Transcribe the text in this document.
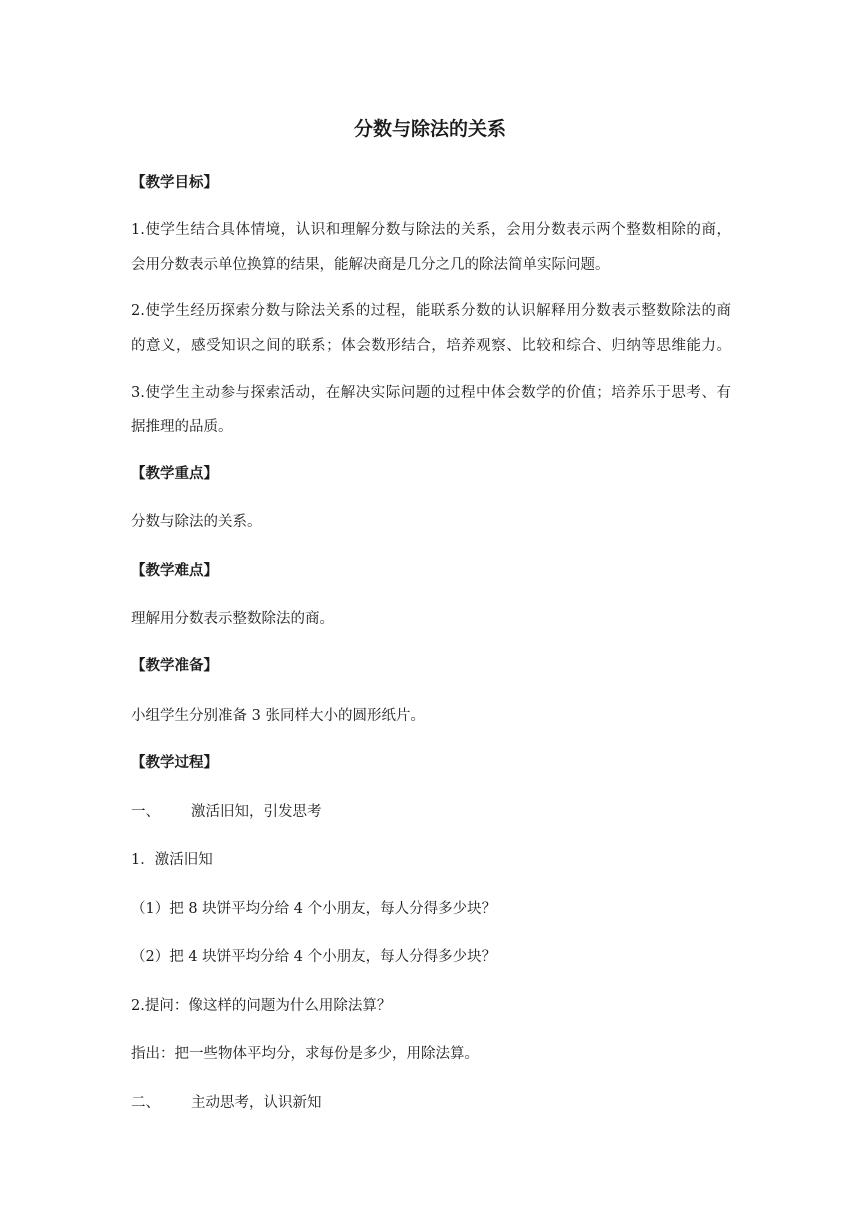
分数与除法的关系

【教学目标】

1.使学生结合具体情境，认识和理解分数与除法的关系，会用分数表示两个整数相除的商，

会用分数表示单位换算的结果，能解决商是几分之几的除法简单实际问题。

2.使学生经历探索分数与除法关系的过程，能联系分数的认识解释用分数表示整数除法的商

的意义，感受知识之间的联系；体会数形结合，培养观察、比较和综合、归纳等思维能力。

3.使学生主动参与探索活动，在解决实际问题的过程中体会数学的价值；培养乐于思考、有

据推理的品质。

【教学重点】

分数与除法的关系。

【教学难点】

理解用分数表示整数除法的商。

【教学准备】

小组学生分别准备 3 张同样大小的圆形纸片。

【教学过程】

一、 激活旧知，引发思考

1．激活旧知

（1）把 8 块饼平均分给 4 个小朋友，每人分得多少块？

（2）把 4 块饼平均分给 4 个小朋友，每人分得多少块？

2.提问：像这样的问题为什么用除法算？

指出：把一些物体平均分，求每份是多少，用除法算。

二、 主动思考，认识新知
